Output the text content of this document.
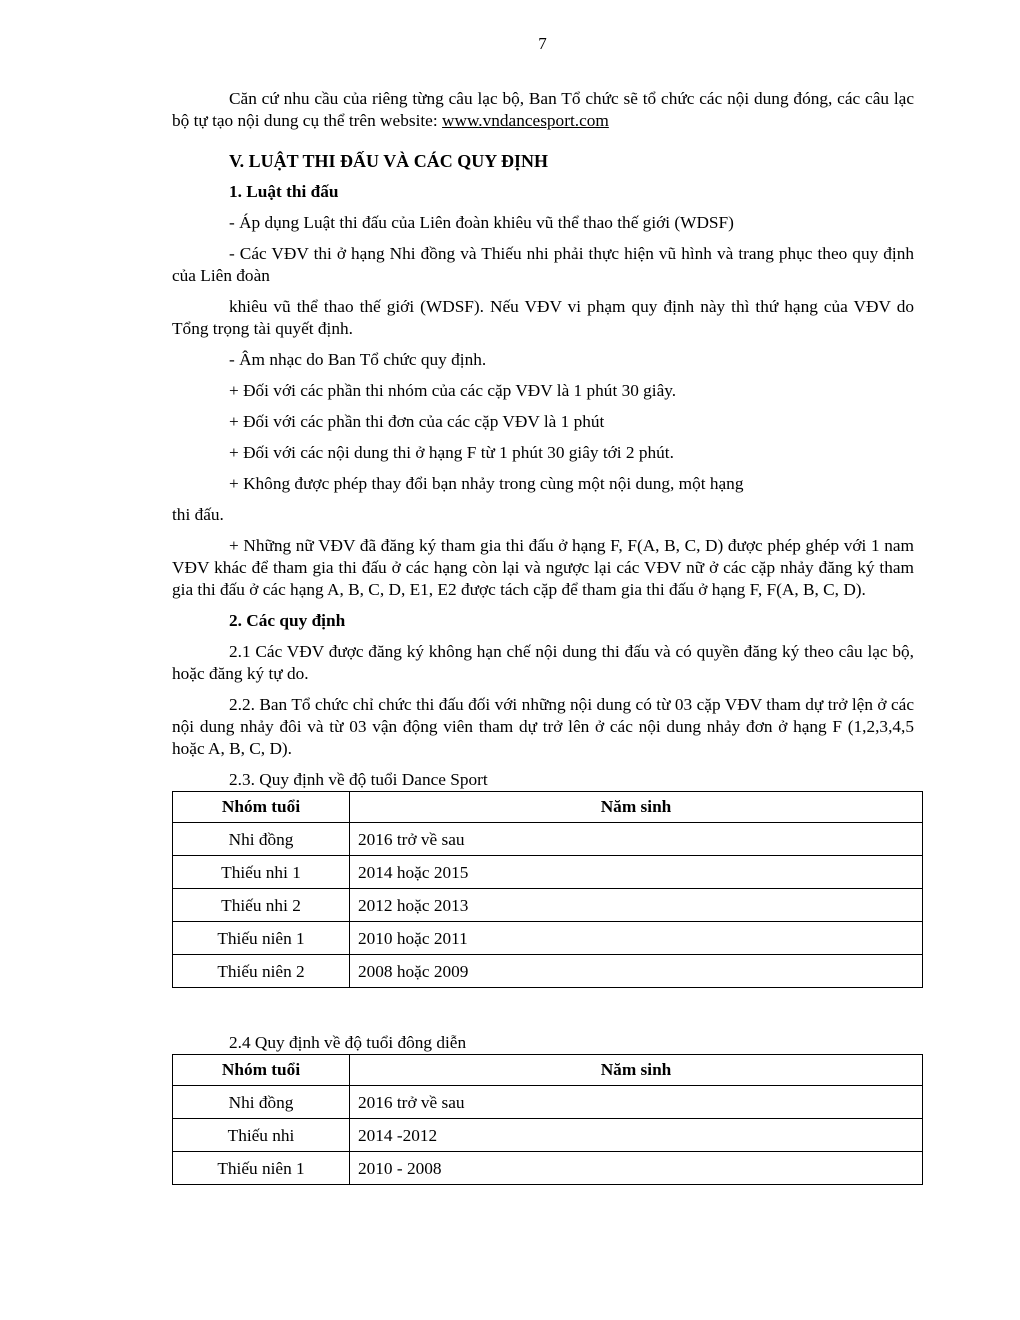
7

Căn cứ nhu cầu của riêng từng câu lạc bộ, Ban Tổ chức sẽ tổ chức các nội dung đóng, các câu lạc bộ tự tạo nội dung cụ thể trên website: www.vndancesport.com

V. LUẬT THI ĐẤU VÀ CÁC QUY ĐỊNH

1. Luật thi đấu

- Áp dụng Luật thi đấu của Liên đoàn khiêu vũ thể thao thế giới (WDSF)

- Các VĐV thi ở hạng Nhi đồng và Thiếu nhi phải thực hiện vũ hình và trang phục theo quy định của Liên đoàn

khiêu vũ thể thao thế giới (WDSF). Nếu VĐV vi phạm quy định này thì thứ hạng của VĐV do Tổng trọng tài quyết định.

- Âm nhạc do Ban Tổ chức quy định.

+ Đối với các phần thi nhóm của các cặp VĐV là 1 phút 30 giây.

+ Đối với các phần thi đơn của các cặp VĐV là 1 phút

+ Đối với các nội dung thi ở hạng F từ 1 phút 30 giây tới 2 phút.

+ Không được phép thay đổi bạn nhảy trong cùng một nội dung, một hạng

thi đấu.

+ Những nữ VĐV đã đăng ký tham gia thi đấu ở hạng F, F(A, B, C, D) được phép ghép với 1 nam VĐV khác để tham gia thi đấu ở các hạng còn lại và ngược lại các VĐV nữ ở các cặp nhảy đăng ký tham gia thi đấu ở các hạng A, B, C, D, E1, E2 được tách cặp để tham gia thi đấu ở hạng F, F(A, B, C, D).

2. Các quy định

2.1 Các VĐV được đăng ký không hạn chế nội dung thi đấu và có quyền đăng ký theo câu lạc bộ, hoặc đăng ký tự do.

2.2. Ban Tổ chức chỉ chức thi đấu đối với những nội dung có từ 03 cặp VĐV tham dự trở lện ở các nội dung nhảy đôi và từ 03 vận động viên tham dự trở lên ở các nội dung nhảy đơn ở hạng F (1,2,3,4,5 hoặc A, B, C, D).

2.3. Quy định về độ tuổi Dance Sport

Nhóm tuổi	Năm sinh
Nhi đồng	2016 trở về sau
Thiếu nhi 1	2014 hoặc 2015
Thiếu nhi 2	2012 hoặc 2013
Thiếu niên 1	2010 hoặc 2011
Thiếu niên 2	2008 hoặc 2009

2.4 Quy định về độ tuổi đông diễn

Nhóm tuổi	Năm sinh
Nhi đồng	2016 trở về sau
Thiếu nhi	2014 -2012
Thiếu niên 1	2010 - 2008
